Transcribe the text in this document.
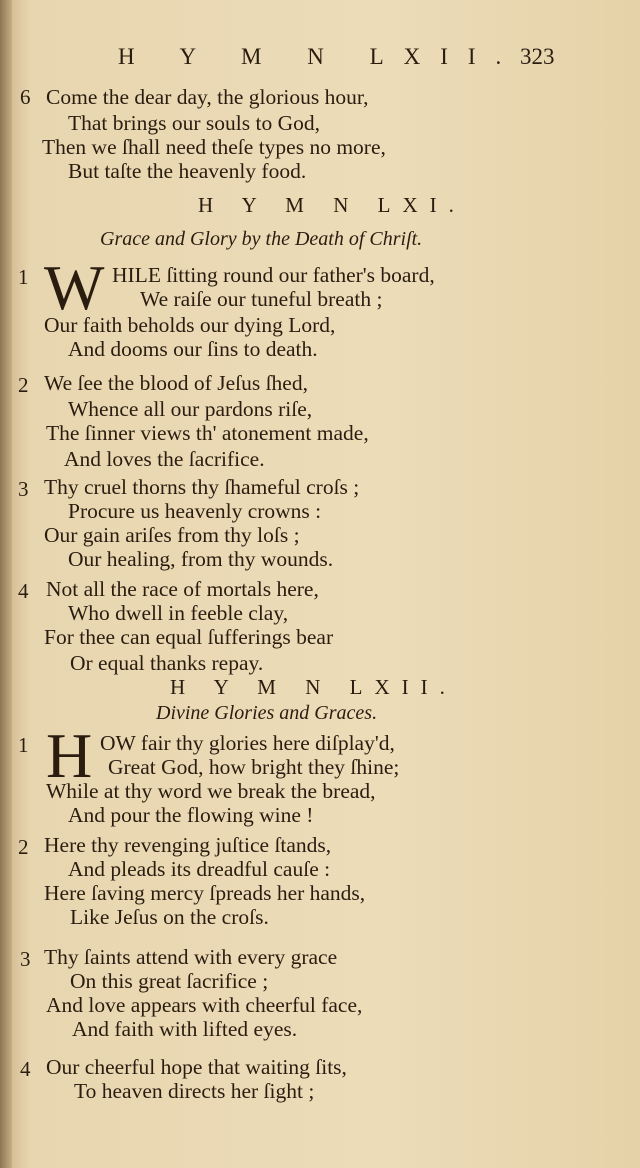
H Y M N LXII.
323
6 Come the dear day, the glorious hour,
That brings our souls to God,
Then we ſhall need theſe types no more,
But taſte the heavenly food.
H Y M N LXI.
Grace and Glory by the Death of Chriſt.
1 W HILE ſitting round our father's board,
We raiſe our tuneful breath ;
Our faith beholds our dying Lord,
And dooms our ſins to death.
2 We ſee the blood of Jeſus ſhed,
Whence all our pardons riſe,
The ſinner views th' atonement made,
And loves the ſacrifice.
3 Thy cruel thorns thy ſhameful croſs ;
Procure us heavenly crowns :
Our gain ariſes from thy loſs ;
Our healing, from thy wounds.
4 Not all the race of mortals here,
Who dwell in feeble clay,
For thee can equal ſufferings bear
Or equal thanks repay.
H Y M N LXII.
Divine Glories and Graces.
1 H OW fair thy glories here diſplay'd,
Great God, how bright they ſhine;
While at thy word we break the bread,
And pour the flowing wine !
2 Here thy revenging juſtice ſtands,
And pleads its dreadful cauſe :
Here ſaving mercy ſpreads her hands,
Like Jeſus on the croſs.
3 Thy ſaints attend with every grace
On this great ſacrifice ;
And love appears with cheerful face,
And faith with lifted eyes.
4 Our cheerful hope that waiting ſits,
To heaven directs her ſight ;
